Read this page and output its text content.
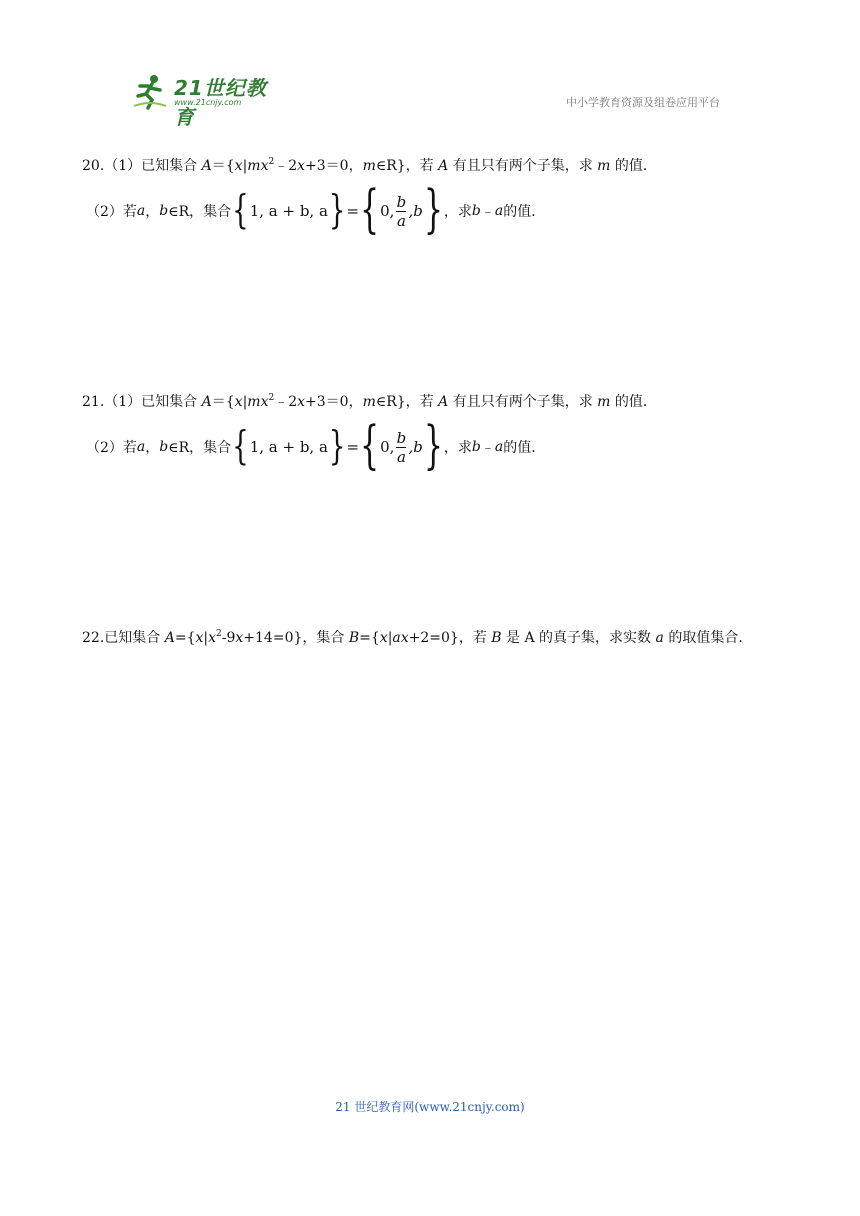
21世纪教育
www.21cnjy.com	中小学教育资源及组卷应用平台
20.（1）已知集合 $A=\{x|mx^2﹣2x+3=0$，m∈R}，若 A 有且只有两个子集，求 m 的值．
（2）若 a ， b ∈R，集合 { 1, a + b, a } = { 0, $\frac{b}{a} ,b$ } ，求 b ﹣ a 的值．
21.（1）已知集合 $A=\{x|mx^2﹣2x+3=0$，m∈R}，若 A 有且只有两个子集，求 m 的值．
（2）若 a ， b ∈R，集合 { 1, a + b, a } = { 0, $\frac{b}{a} ,b$ } ，求 b ﹣ a 的值．
22.已知集合 $A=\{x|x^2-9x+14=0\}$，集合 B={x|ax+2=0}，若 B 是 A 的真子集，求实数 a 的取值集合．
21 世纪教育网(www.21cnjy.com)
